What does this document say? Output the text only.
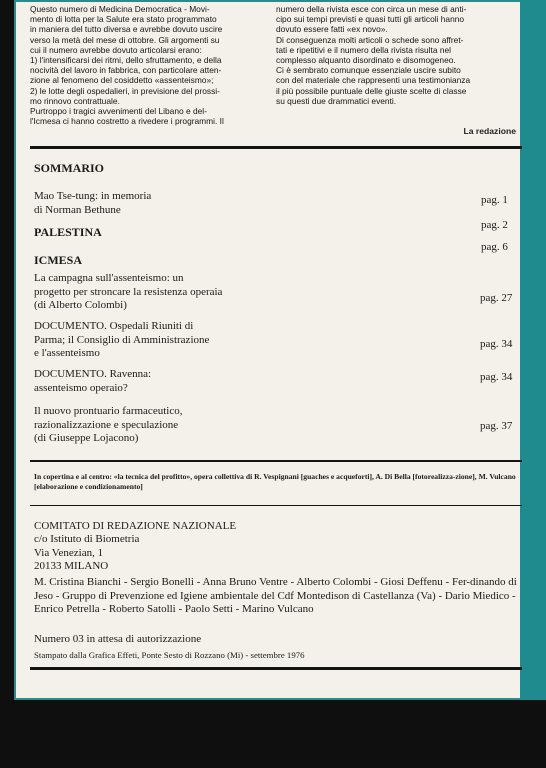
Questo numero di Medicina Democratica - Movi-
mento di lotta per la Salute era stato programmato
in maniera del tutto diversa e avrebbe dovuto uscire
verso la metà del mese di ottobre. Gli argomenti su
cui il numero avrebbe dovuto articolarsi erano:
1) l'intensificarsi dei ritmi, dello sfruttamento, e della
nocività del lavoro in fabbrica, con particolare atten-
zione al fenomeno del cosiddetto «assenteismo»;
2) le lotte degli ospedalieri, in previsione del prossi-
mo rinnovo contrattuale.
Purtroppo i tragici avvenimenti del Libano e del-
l'Icmesa ci hanno costretto a rivedere i programmi. Il
numero della rivista esce con circa un mese di anti-
cipo sui tempi previsti e quasi tutti gli articoli hanno
dovuto essere fatti «ex novo».
Di conseguenza molti articoli o schede sono affret-
tati e ripetitivi e il numero della rivista risulta nel
complesso alquanto disordinato e disomogeneo.
Ci è sembrato comunque essenziale uscire subito
con del materiale che rappresenti una testimonianza
il più possibile puntuale delle giuste scelte di classe
su questi due drammatici eventi.
La redazione
SOMMARIO
Mao Tse-tung: in memoria
di Norman Bethune
pag. 1
PALESTINA	pag. 2
pag. 6
ICMESA
La campagna sull'assenteismo: un
progetto per stroncare la resistenza operaia
(di Alberto Colombi)
pag. 27
DOCUMENTO. Ospedali Riuniti di
Parma; il Consiglio di Amministrazione
e l'assenteismo
pag. 34
DOCUMENTO. Ravenna:
assenteismo operaio?
pag. 34
Il nuovo prontuario farmaceutico,
razionalizzazione e speculazione
(di Giuseppe Lojacono)
pag. 37
In copertina e al centro: «la tecnica del profitto», opera collettiva di R. Vespignani [guaches e acqueforti], A. Di Bella [fotorealizza-zione], M. Vulcano [elaborazione e condizionamento]
COMITATO DI REDAZIONE NAZIONALE
c/o Istituto di Biometria
Via Venezian, 1
20133 MILANO
M. Cristina Bianchi - Sergio Bonelli - Anna Bruno Ventre - Alberto Colombi - Giosi Deffenu - Fer-dinando di Jeso - Gruppo di Prevenzione ed Igiene ambientale del Cdf Montedison di Castellanza (Va) - Dario Miedico - Enrico Petrella - Roberto Satolli - Paolo Setti - Marino Vulcano
Numero 03 in attesa di autorizzazione
Stampato dalla Grafica Effeti, Ponte Sesto di Rozzano (Mi) - settembre 1976
